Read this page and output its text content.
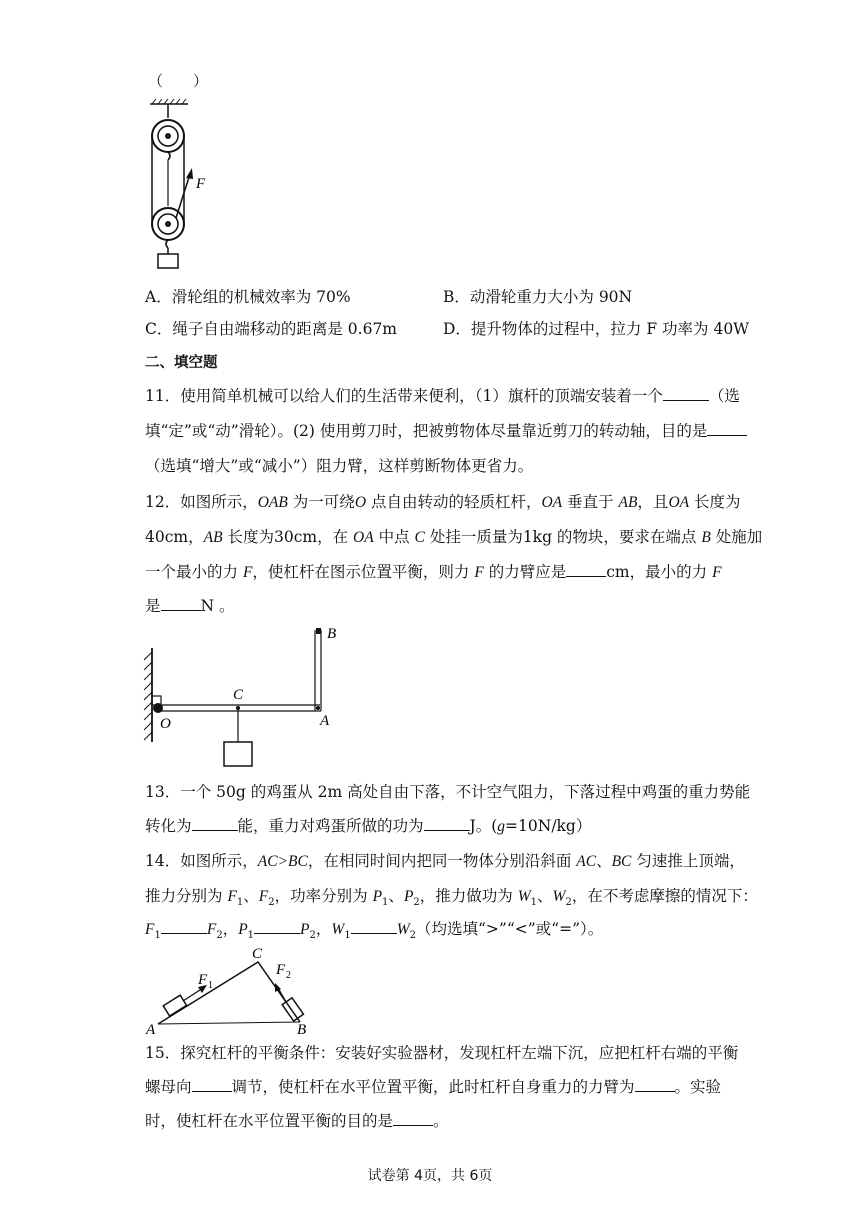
（　　）
F
A．滑轮组的机械效率为 70%	B．动滑轮重力大小为 90N
C．绳子自由端移动的距离是 0.67m	D．提升物体的过程中，拉力 F 功率为 40W
二、填空题
11．使用简单机械可以给人们的生活带来便利，（1）旗杆的顶端安装着一个	（选
填“定”或“动”滑轮）。(2) 使用剪刀时，把被剪物体尽量靠近剪刀的转动轴，目的是
（选填“增大”或“减小”）阻力臂，这样剪断物体更省力。
12．如图所示，OAB 为一可绕O 点自由转动的轻质杠杆，OA 垂直于 AB，且OA 长度为
40cm，AB 长度为30cm，在 OA 中点 C 处挂一质量为1kg 的物块，要求在端点 B 处施加
一个最小的力 F，使杠杆在图示位置平衡，则力 F 的力臂应是	cm，最小的力 F
是	N 。
B
C
O	A
13．一个 50g 的鸡蛋从 2m 高处自由下落，不计空气阻力，下落过程中鸡蛋的重力势能
转化为	能，重力对鸡蛋所做的功为	J。(g=10N/kg）
14．如图所示，AC>BC，在相同时间内把同一物体分别沿斜面 AC、BC 匀速推上顶端，
推力分别为 $F_1$、$F_2$，功率分别为 $P_1$、$P_2$，推力做功为 $W_1$、$W_2$，在不考虑摩擦的情况下：
$F_1$	$F_2$，$P_1$	$P_2$，$W_1$	$W_2$（均选填“>”“<”或“=”）。
F 1
F 2
A	B
C
15．探究杠杆的平衡条件：安装好实验器材，发现杠杆左端下沉，应把杠杆右端的平衡
螺母向	调节，使杠杆在水平位置平衡，此时杠杆自身重力的力臂为	。实验
时，使杠杆在水平位置平衡的目的是	。
试卷第 4页，共 6页
